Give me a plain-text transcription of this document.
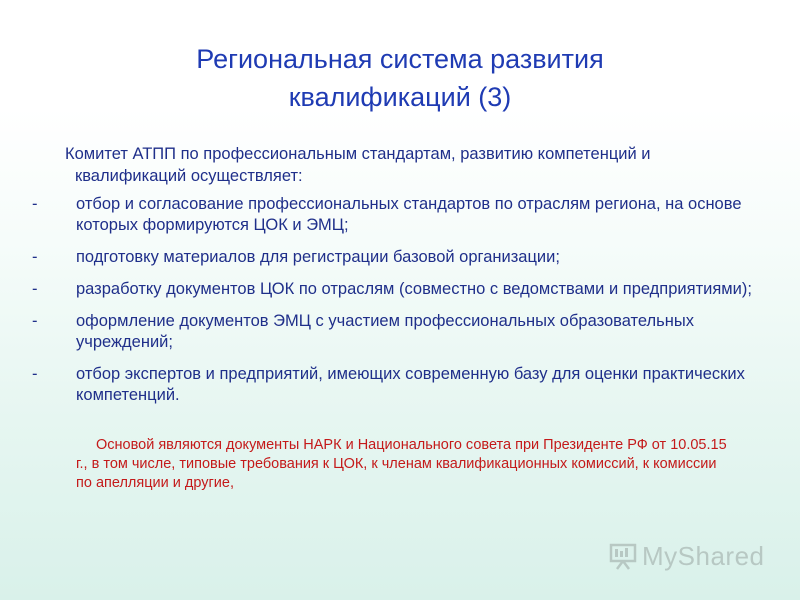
Региональная система развития
квалификаций (3)
Комитет АТПП по профессиональным стандартам, развитию компетенций и квалификаций осуществляет:
-	отбор и согласование профессиональных стандартов по отраслям региона, на основе которых формируются ЦОК и ЭМЦ;
-	подготовку материалов для регистрации базовой организации;
-	разработку документов ЦОК по отраслям (совместно с ведомствами и предприятиями);
-	оформление документов ЭМЦ с участием профессиональных образовательных учреждений;
-	отбор экспертов и предприятий, имеющих современную базу для оценки практических компетенций.
Основой являются документы НАРК и Национального совета при Президенте РФ от 10.05.15 г., в том числе, типовые требования к ЦОК, к членам квалификационных комиссий, к комиссии по апелляции и другие,
MyShared
